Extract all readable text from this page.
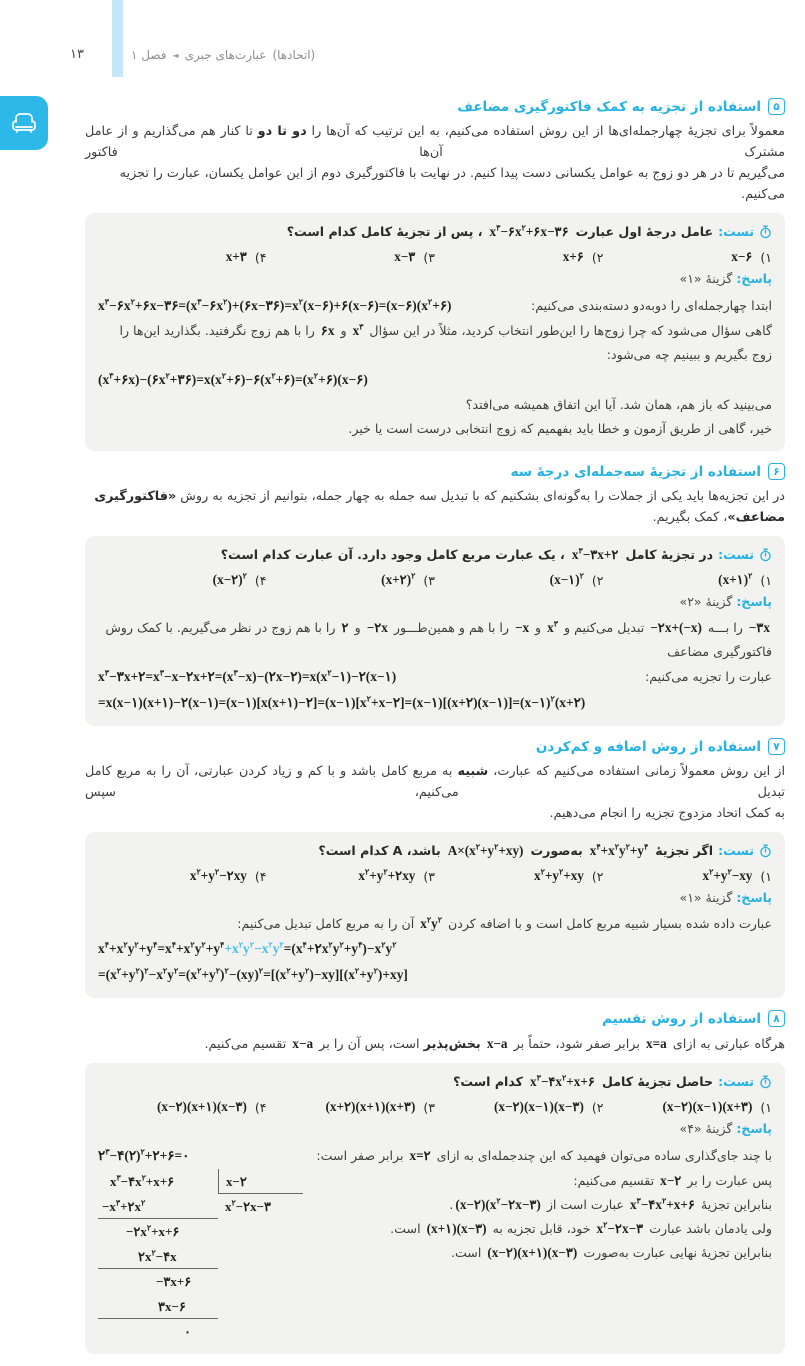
۱۳	فصل ۱ ◄ عبارت‌های جبری (اتحادها)
۵
استفاده از تجزیه به کمک فاکتورگیری مضاعف
معمولاً برای تجزیهٔ چهارجمله‌ای‌ها از این روش استفاده می‌کنیم، به این ترتیب که آن‌ها را دو تا دو تا کنار هم می‌گذاریم و از عامل مشترک آن‌ها فاکتور
می‌گیریم تا در هر دو زوج به عوامل یکسانی دست پیدا کنیم. در نهایت با فاکتورگیری دوم از این عوامل یکسان، عبارت را تجزیه می‌کنیم.
تست:
عامل درجهٔ اول عبارت
$x^۳-۶x^۲+۶x-۳۶$
، پس از تجزیهٔ کامل کدام است؟
(۱
x−۶
(۲
x+۶
(۳
x−۳
(۴
x+۳
پاسخ: گزینهٔ «۱»
ابتدا چهارجمله‌ای را دوبه‌دو دسته‌بندی می‌کنیم:
$x^۳-۶x^۲+۶x-۳۶=(x^۳-۶x^۲)+(۶x-۳۶)=x^۲(x-۶)+۶(x-۶)=(x-۶)(x^۲+۶)$
گاهی سؤال می‌شود که چرا زوج‌ها را این‌طور انتخاب کردید، مثلاً در این سؤال $x^۳$ و ۶x را با هم زوج نگرفتید. بگذارید این‌ها را زوج بگیریم و ببینیم چه می‌شود:
$(x^۳+۶x)-(۶x^۲+۳۶)=x(x^۲+۶)-۶(x^۲+۶)=(x^۲+۶)(x-۶)$
می‌بینید که باز هم، همان شد. آیا این اتفاق همیشه می‌افتد؟
خیر، گاهی از طریق آزمون و خطا باید بفهمیم که زوج انتخابی درست است یا خیر.
۶
استفاده از تجزیهٔ سه‌جمله‌ای درجهٔ سه
در این تجزیه‌ها باید یکی از جملات را به‌گونه‌ای بشکنیم که با تبدیل سه جمله به چهار جمله، بتوانیم از تجزیه به روش «فاکتورگیری مضاعف»، کمک بگیریم.
تست:
در تجزیهٔ کامل
$x^۳-۳x+۲$
، یک عبارت مربع کامل وجود دارد. آن عبارت کدام است؟
(۱
(x+۱)$^۲$
(۲
(x−۱)$^۲$
(۳
(x+۲)$^۲$
(۴
(x−۲)$^۲$
پاسخ: گزینهٔ «۲»
−۳x را بـــه −۲x+(−x) تبدیل می‌کنیم و $x^۳$ و −x را با هم و همین‌طـــور −۲x و ۲ را با هم زوج در نظر می‌گیریم. با کمک روش فاکتورگیری مضاعف
عبارت را تجزیه می‌کنیم:
$x^۳-۳x+۲=x^۳-x-۲x+۲=(x^۳-x)-(۲x-۲)=x(x^۲-۱)-۲(x-۱)$
$=x(x-۱)(x+۱)-۲(x-۱)=(x-۱)[x(x+۱)-۲]=(x-۱)[x^۲+x-۲]=(x-۱)[(x+۲)(x-۱)]=(x-۱)^۲(x+۲)$
۷
استفاده از روش اضافه و کم‌کردن
از این روش معمولاً زمانی استفاده می‌کنیم که عبارت، شبیه به مربع کامل باشد و با کم و زیاد کردن عبارتی، آن را به مربع کامل تبدیل می‌کنیم، سپس
به کمک اتحاد مزدوج تجزیه را انجام می‌دهیم.
تست:
اگر تجزیهٔ
$x^۴+x^۲y^۲+y^۴$
به‌صورت
$A\times(x^۲+y^۲+xy)$
باشد، A کدام است؟
(۱
$x^۲+y^۲-xy$
(۲
$x^۲+y^۲+xy$
(۳
$x^۲+y^۲+۲xy$
(۴
$x^۲+y^۲-۲xy$
پاسخ: گزینهٔ «۱»
عبارت داده شده بسیار شبیه مربع کامل است و با اضافه کردن $x^۲y^۲$ آن را به مربع کامل تبدیل می‌کنیم:
$x^۴+x^۲y^۲+y^۴=x^۴+x^۲y^۲+y^۴+x^۲y^۲-x^۲y^۲=(x^۴+۲x^۲y^۲+y^۴)-x^۲y^۲$
$=(x^۲+y^۲)^۲-x^۲y^۲=(x^۲+y^۲)^۲-(xy)^۲=[(x^۲+y^۲)-xy][(x^۲+y^۲)+xy]$
۸
استفاده از روش تقسیم
هرگاه عبارتی به ازای x=a برابر صفر شود، حتماً بر x−a بخش‌پذیر است، پس آن را بر x−a تقسیم می‌کنیم.
تست:
حاصل تجزیهٔ کامل
$x^۳-۴x^۲+x+۶$
کدام است؟
(۱
(x−۲)(x−۱)(x+۳)
(۲
(x−۲)(x−۱)(x−۳)
(۳
(x+۲)(x+۱)(x+۳)
(۴
(x−۲)(x+۱)(x−۳)
پاسخ: گزینهٔ «۴»
با چند جای‌گذاری ساده می‌توان فهمید که این چندجمله‌ای به ازای x=۲ برابر صفر است:
$۲^۳-۴(۲)^۲+۲+۶=۰$
پس عبارت را بر x−۲ تقسیم می‌کنیم:
بنابراین تجزیهٔ $x^۳-۴x^۲+x+۶$ عبارت است از $(x-۲)(x^۲-۲x-۳)$.
ولی یادمان باشد عبارت $x^۲-۲x-۳$ خود، قابل تجزیه به (x+۱)(x−۳) است.
بنابراین تجزیهٔ نهایی عبارت به‌صورت (x−۲)(x+۱)(x−۳) است.
$x^۳-۴x^۲+x+۶$
$-x^۳+۲x^۲$
$-۲x^۲+x+۶$
$۲x^۲-۴x$
−۳x+۶
۳x−۶
۰
x−۲
$x^۲-۲x-۳$
